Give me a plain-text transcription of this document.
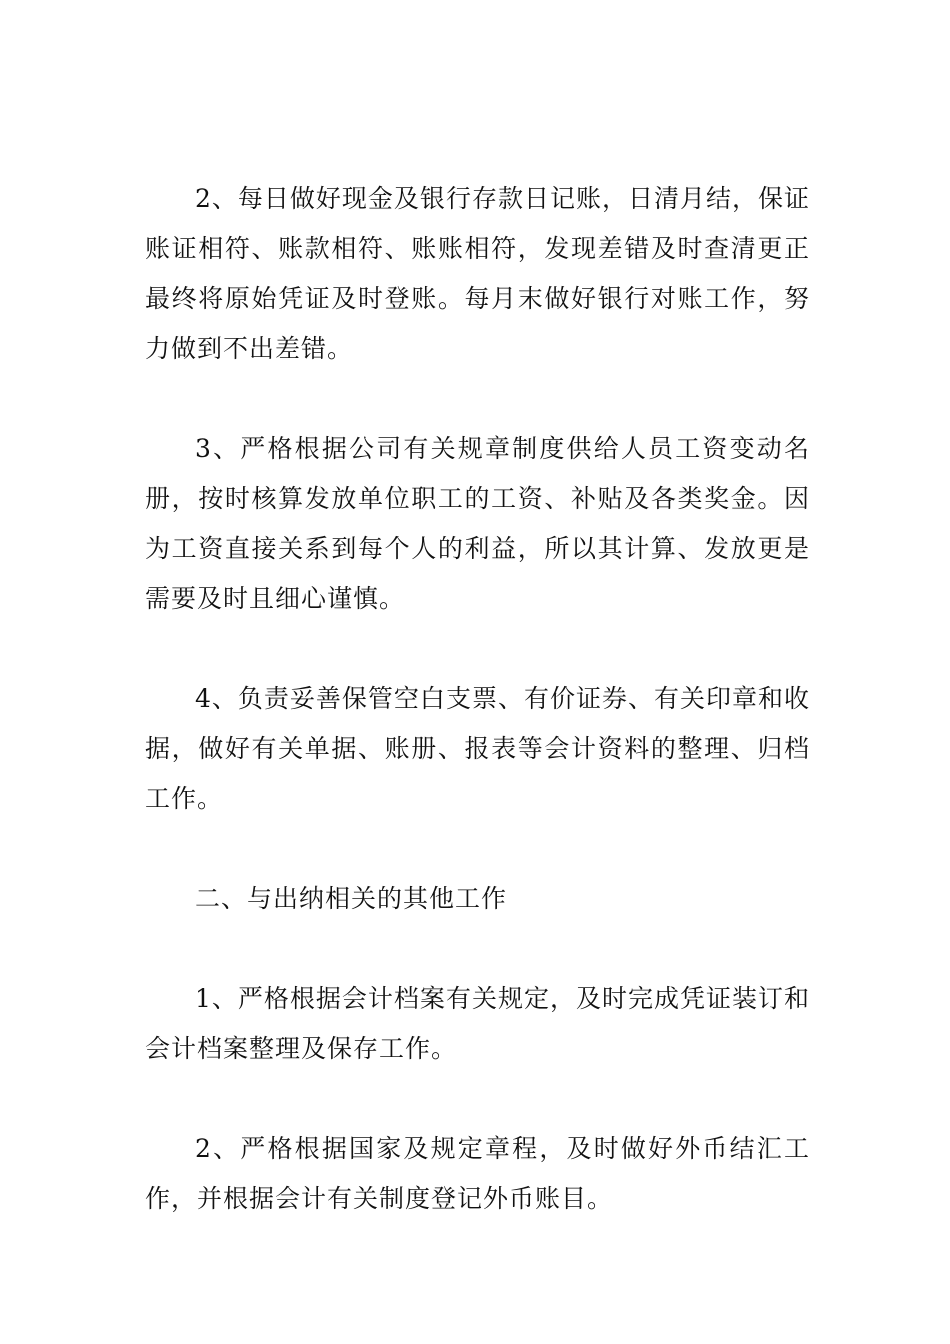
2、每日做好现金及银行存款日记账，日清月结，保证账证相符、账款相符、账账相符，发现差错及时查清更正最终将原始凭证及时登账。每月末做好银行对账工作，努力做到不出差错。

3、严格根据公司有关规章制度供给人员工资变动名册，按时核算发放单位职工的工资、补贴及各类奖金。因为工资直接关系到每个人的利益，所以其计算、发放更是需要及时且细心谨慎。

4、负责妥善保管空白支票、有价证券、有关印章和收据，做好有关单据、账册、报表等会计资料的整理、归档工作。

二、与出纳相关的其他工作

1、严格根据会计档案有关规定，及时完成凭证装订和会计档案整理及保存工作。

2、严格根据国家及规定章程，及时做好外币结汇工作，并根据会计有关制度登记外币账目。
